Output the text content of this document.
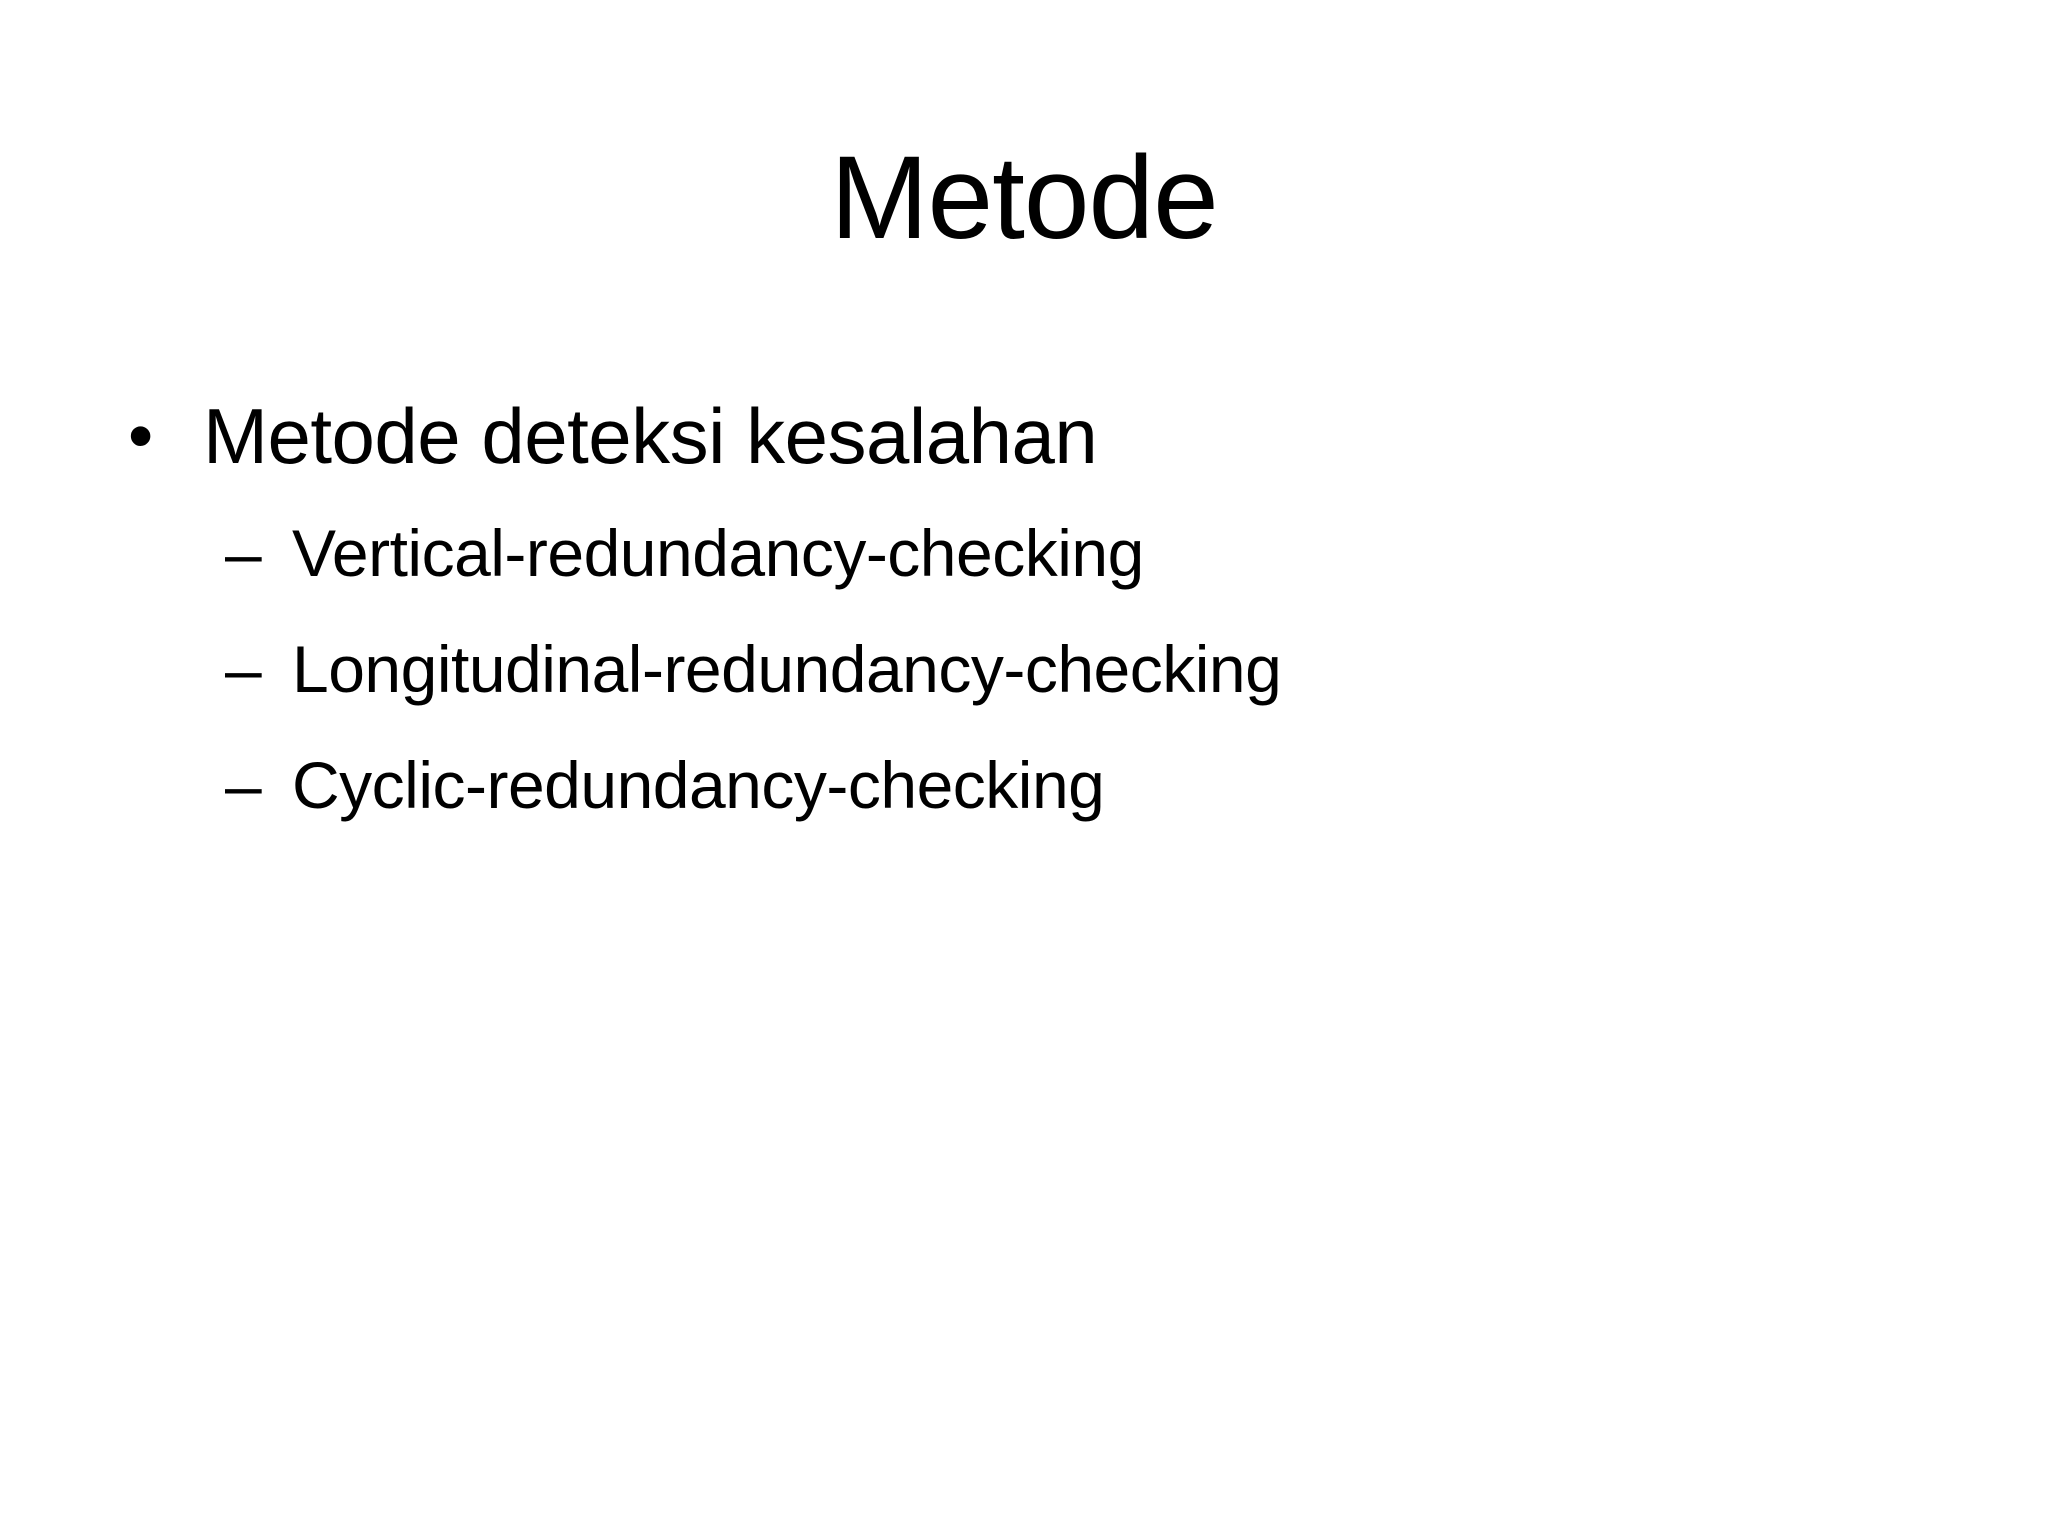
Metode
• Metode deteksi kesalahan
– Vertical-redundancy-checking
– Longitudinal-redundancy-checking
– Cyclic-redundancy-checking
